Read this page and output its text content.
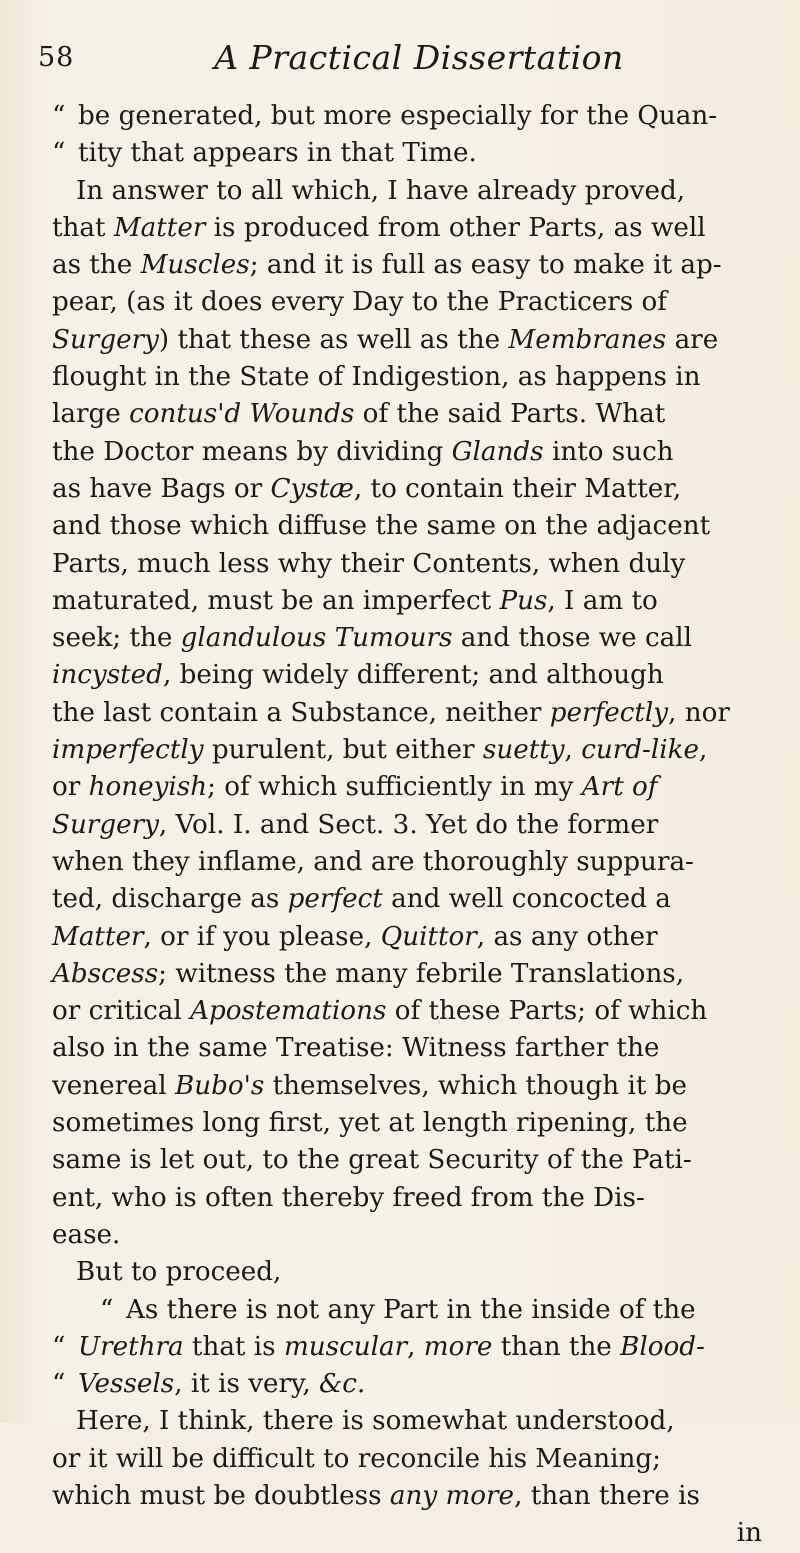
58	A Practical Dissertation
“ be generated, but more especially for the Quan-
“ tity that appears in that Time.
In answer to all which, I have already proved,
that Matter is produced from other Parts, as well
as the Muscles; and it is full as easy to make it ap-
pear, (as it does every Day to the Practicers of
Surgery) that these as well as the Membranes are
flought in the State of Indigestion, as happens in
large contus'd Wounds of the said Parts. What
the Doctor means by dividing Glands into such
as have Bags or Cystæ, to contain their Matter,
and those which diffuse the same on the adjacent
Parts, much less why their Contents, when duly
maturated, must be an imperfect Pus, I am to
seek; the glandulous Tumours and those we call
incysted, being widely different; and although
the last contain a Substance, neither perfectly, nor
imperfectly purulent, but either suetty, curd-like,
or honeyish; of which sufficiently in my Art of
Surgery, Vol. I. and Sect. 3. Yet do the former
when they inflame, and are thoroughly suppura-
ted, discharge as perfect and well concocted a
Matter, or if you please, Quittor, as any other
Abscess; witness the many febrile Translations,
or critical Apostemations of these Parts; of which
also in the same Treatise: Witness farther the
venereal Bubo's themselves, which though it be
sometimes long first, yet at length ripening, the
same is let out, to the great Security of the Pati-
ent, who is often thereby freed from the Dis-
ease.
But to proceed,
“ As there is not any Part in the inside of the
“ Urethra that is muscular, more than the Blood-
“ Vessels, it is very, &c.
Here, I think, there is somewhat understood,
or it will be difficult to reconcile his Meaning;
which must be doubtless any more, than there is
in
